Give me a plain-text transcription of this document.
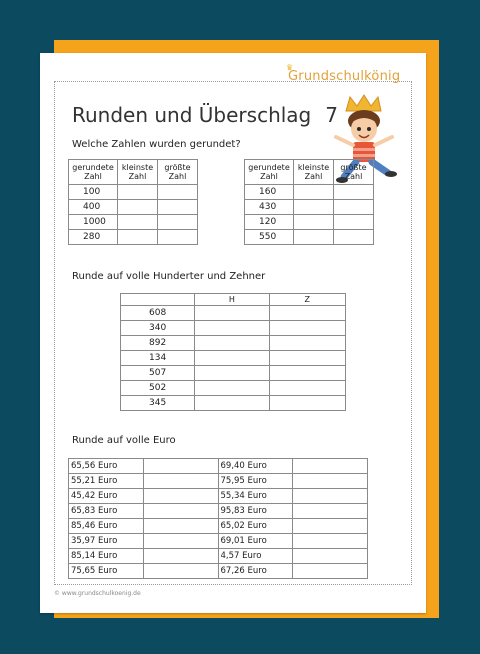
♛
Grundschulkönig
Runden und Überschlag 7
Welche Zahlen wurden gerundet?
gerundete Zahl	kleinste Zahl	größte Zahl
100		
400		
1000		
280		
gerundete Zahl	kleinste Zahl	größte Zahl
160		
430		
120		
550		
Runde auf volle Hunderter und Zehner
	H	Z
608		
340		
892		
134		
507		
502		
345		
Runde auf volle Euro
65,56 Euro		69,40 Euro	
55,21 Euro		75,95 Euro	
45,42 Euro		55,34 Euro	
65,83 Euro		95,83 Euro	
85,46 Euro		65,02 Euro	
35,97 Euro		69,01 Euro	
85,14 Euro		4,57 Euro	
75,65 Euro		67,26 Euro	
© www.grundschulkoenig.de
